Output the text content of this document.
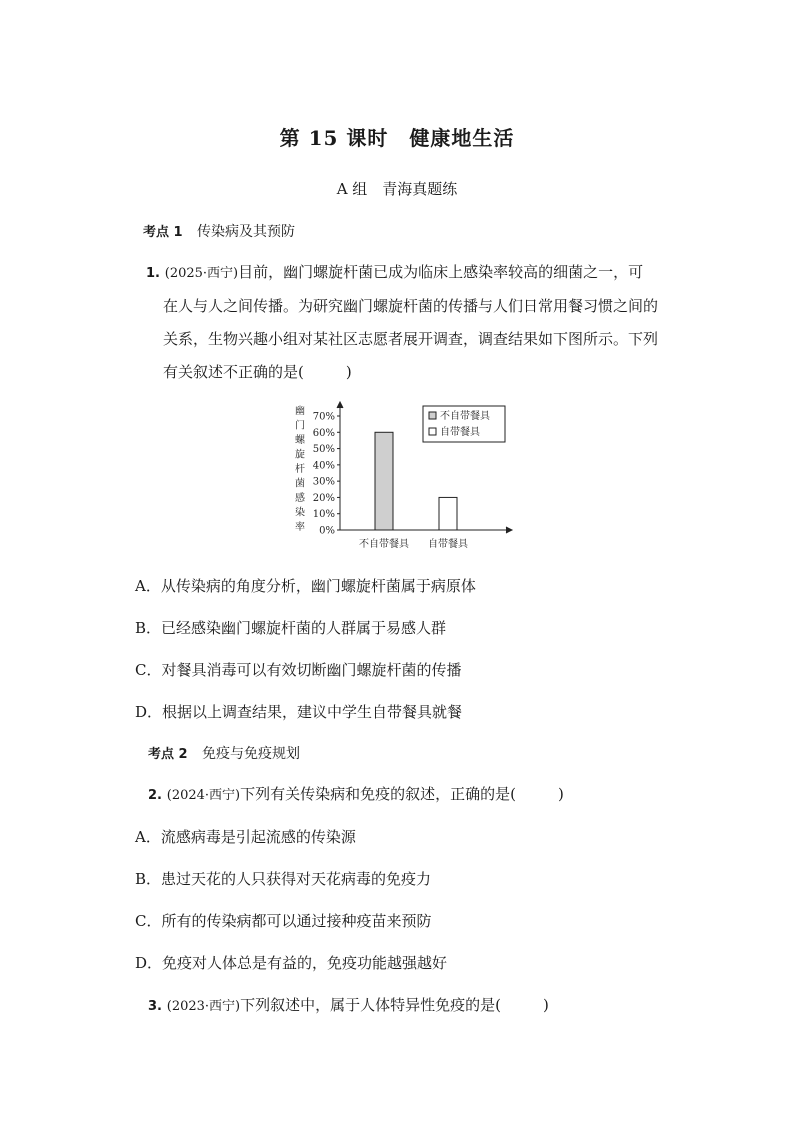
第 15 课时　健康地生活
A 组　青海真题练
考点 1 传染病及其预防
1. (2025·西宁)目前，幽门螺旋杆菌已成为临床上感染率较高的细菌之一，可
在人与人之间传播。为研究幽门螺旋杆菌的传播与人们日常用餐习惯之间的
关系，生物兴趣小组对某社区志愿者展开调查，调查结果如下图所示。下列
有关叙述不正确的是(	)
幽
门
螺
旋
杆
菌
感
染
率 0%
10%
20%
30%
40%
50%
60%
70%
不自带餐具 自带餐具
不自带餐具
自带餐具
A．从传染病的角度分析，幽门螺旋杆菌属于病原体
B．已经感染幽门螺旋杆菌的人群属于易感人群
C．对餐具消毒可以有效切断幽门螺旋杆菌的传播
D．根据以上调查结果，建议中学生自带餐具就餐
考点 2 免疫与免疫规划
2. (2024·西宁)下列有关传染病和免疫的叙述，正确的是(	)
A．流感病毒是引起流感的传染源
B．患过天花的人只获得对天花病毒的免疫力
C．所有的传染病都可以通过接种疫苗来预防
D．免疫对人体总是有益的，免疫功能越强越好
3. (2023·西宁)下列叙述中，属于人体特异性免疫的是(	)
